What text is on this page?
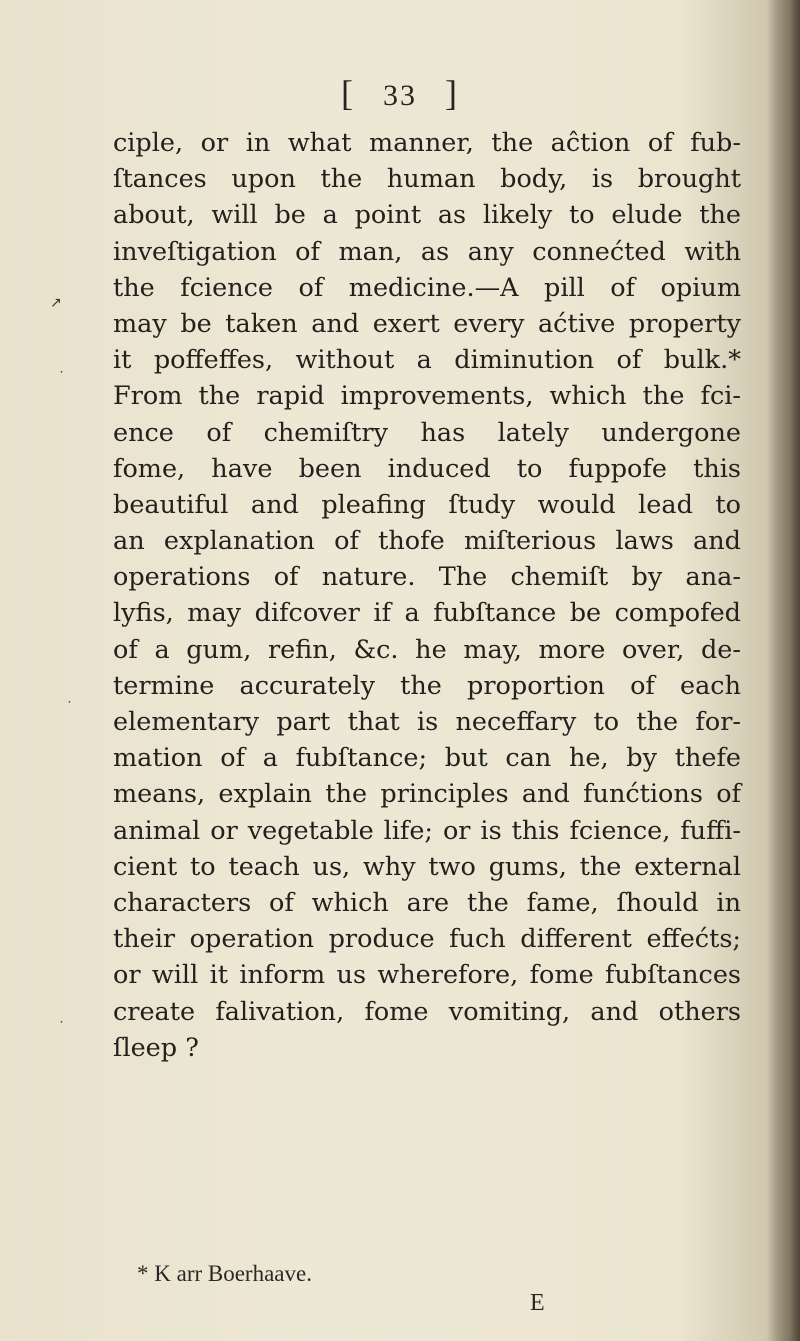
[ 33 ]
ciple, or in what manner, the aĉtion of fub-
ſtances upon the human body, is brought
about, will be a point as likely to elude the
inveſtigation of man, as any connećted with
the fcience of medicine.—A pill of opium
may be taken and exert every aćtive property
it poffeffes, without a diminution of bulk.*
From the rapid improvements, which the fci-
ence of chemiſtry has lately undergone
fome, have been induced to fuppofe this
beautiful and pleafing ſtudy would lead to
an explanation of thofe miſterious laws and
operations of nature. The chemiſt by ana-
lyfis, may difcover if a fubſtance be compofed
of a gum, refin, &c. he may, more over, de-
termine accurately the proportion of each
elementary part that is neceffary to the for-
mation of a fubſtance; but can he, by thefe
means, explain the principles and funćtions of
animal or vegetable life; or is this fcience, fuffi-
cient to teach us, why two gums, the external
characters of which are the fame, ſhould in
their operation produce fuch different effećts;
or will it inform us wherefore, fome fubſtances
create falivation, fome vomiting, and others
ſleep ?
* K arr Boerhaave.
E
↗
˙
˙
˙
